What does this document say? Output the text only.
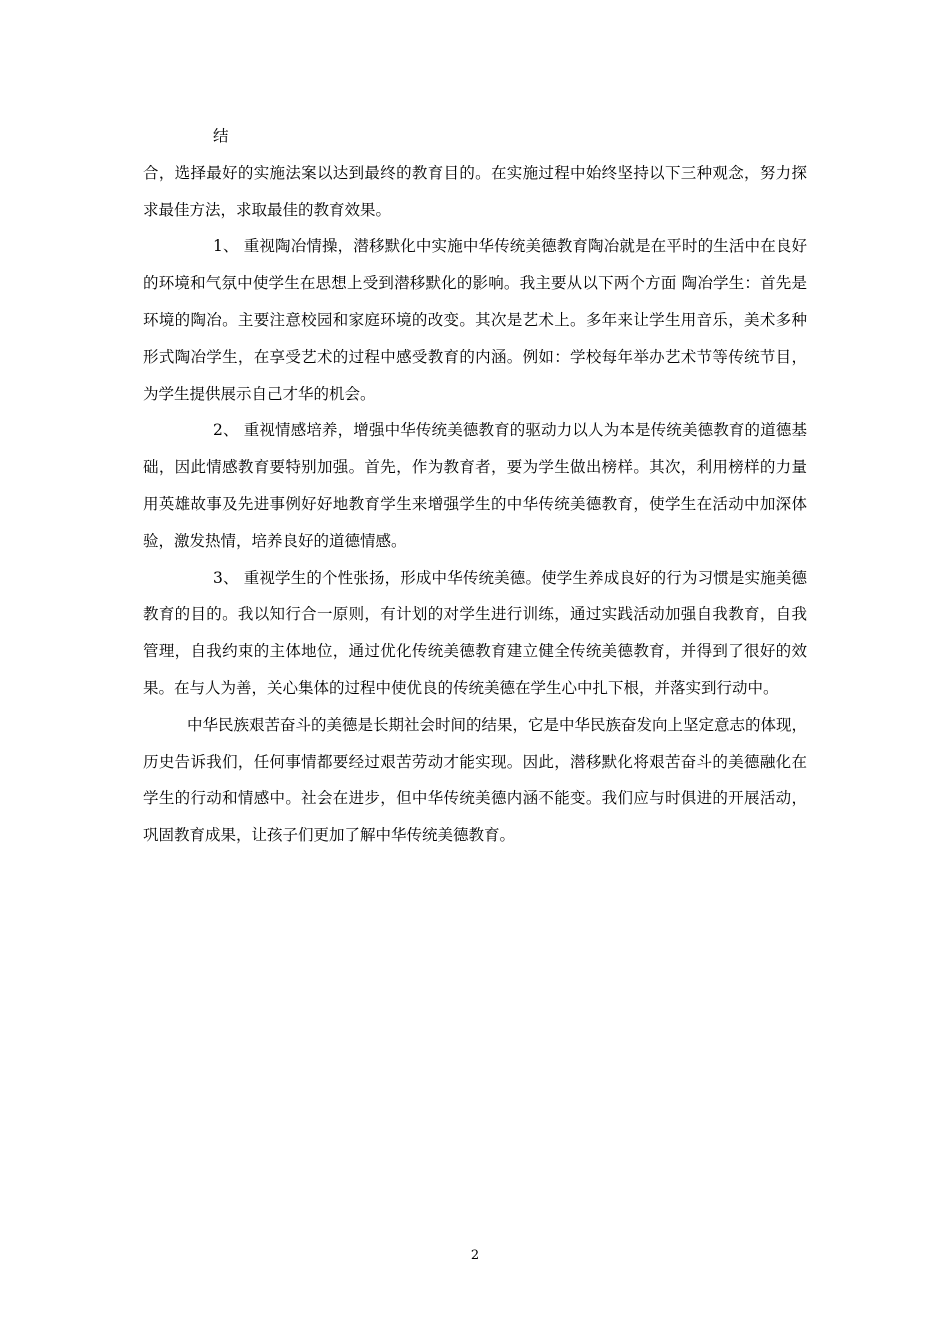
结

合，选择最好的实施法案以达到最终的教育目的。在实施过程中始终坚持以下三种观念，努力探求最佳方法，求取最佳的教育效果。

1、 重视陶冶情操，潜移默化中实施中华传统美德教育陶冶就是在平时的生活中在良好的环境和气氛中使学生在思想上受到潜移默化的影响。我主要从以下两个方面 陶冶学生：首先是环境的陶冶。主要注意校园和家庭环境的改变。其次是艺术上。多年来让学生用音乐，美术多种形式陶冶学生，在享受艺术的过程中感受教育的内涵。例如：学校每年举办艺术节等传统节目，为学生提供展示自己才华的机会。

2、 重视情感培养，增强中华传统美德教育的驱动力以人为本是传统美德教育的道德基础，因此情感教育要特别加强。首先，作为教育者，要为学生做出榜样。其次，利用榜样的力量用英雄故事及先进事例好好地教育学生来增强学生的中华传统美德教育，使学生在活动中加深体验，激发热情，培养良好的道德情感。

3、 重视学生的个性张扬，形成中华传统美德。使学生养成良好的行为习惯是实施美德教育的目的。我以知行合一原则，有计划的对学生进行训练，通过实践活动加强自我教育，自我管理，自我约束的主体地位，通过优化传统美德教育建立健全传统美德教育，并得到了很好的效果。在与人为善，关心集体的过程中使优良的传统美德在学生心中扎下根，并落实到行动中。

中华民族艰苦奋斗的美德是长期社会时间的结果，它是中华民族奋发向上坚定意志的体现，历史告诉我们，任何事情都要经过艰苦劳动才能实现。因此，潜移默化将艰苦奋斗的美德融化在学生的行动和情感中。社会在进步，但中华传统美德内涵不能变。我们应与时俱进的开展活动，巩固教育成果，让孩子们更加了解中华传统美德教育。

2
